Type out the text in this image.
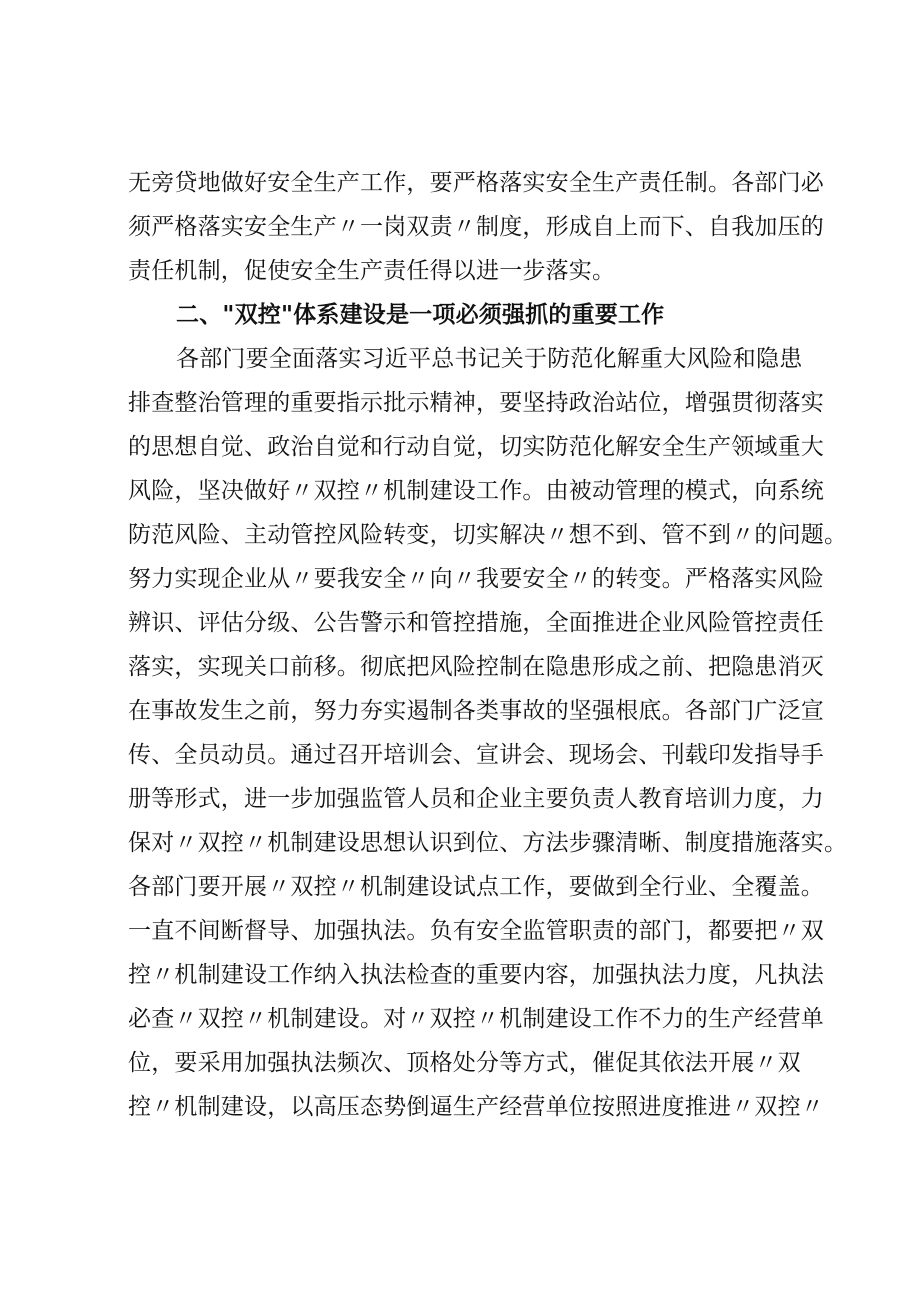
无旁贷地做好安全生产工作，要严格落实安全生产责任制。各部门必
须严格落实安全生产〃一岗双责〃制度，形成自上而下、自我加压的
责任机制，促使安全生产责任得以进一步落实。
二、"双控"体系建设是一项必须强抓的重要工作
各部门要全面落实习近平总书记关于防范化解重大风险和隐患
排查整治管理的重要指示批示精神，要坚持政治站位，增强贯彻落实
的思想自觉、政治自觉和行动自觉，切实防范化解安全生产领域重大
风险，坚决做好〃双控〃机制建设工作。由被动管理的模式，向系统
防范风险、主动管控风险转变，切实解决〃想不到、管不到〃的问题。
努力实现企业从〃要我安全〃向〃我要安全〃的转变。严格落实风险
辨识、评估分级、公告警示和管控措施，全面推进企业风险管控责任
落实，实现关口前移。彻底把风险控制在隐患形成之前、把隐患消灭
在事故发生之前，努力夯实遏制各类事故的坚强根底。各部门广泛宣
传、全员动员。通过召开培训会、宣讲会、现场会、刊载印发指导手
册等形式，进一步加强监管人员和企业主要负责人教育培训力度，力
保对〃双控〃机制建设思想认识到位、方法步骤清晰、制度措施落实。
各部门要开展〃双控〃机制建设试点工作，要做到全行业、全覆盖。
一直不间断督导、加强执法。负有安全监管职责的部门，都要把〃双
控〃机制建设工作纳入执法检查的重要内容，加强执法力度，凡执法
必查〃双控〃机制建设。对〃双控〃机制建设工作不力的生产经营单
位，要采用加强执法频次、顶格处分等方式，催促其依法开展〃双
控〃机制建设，以高压态势倒逼生产经营单位按照进度推进〃双控〃
